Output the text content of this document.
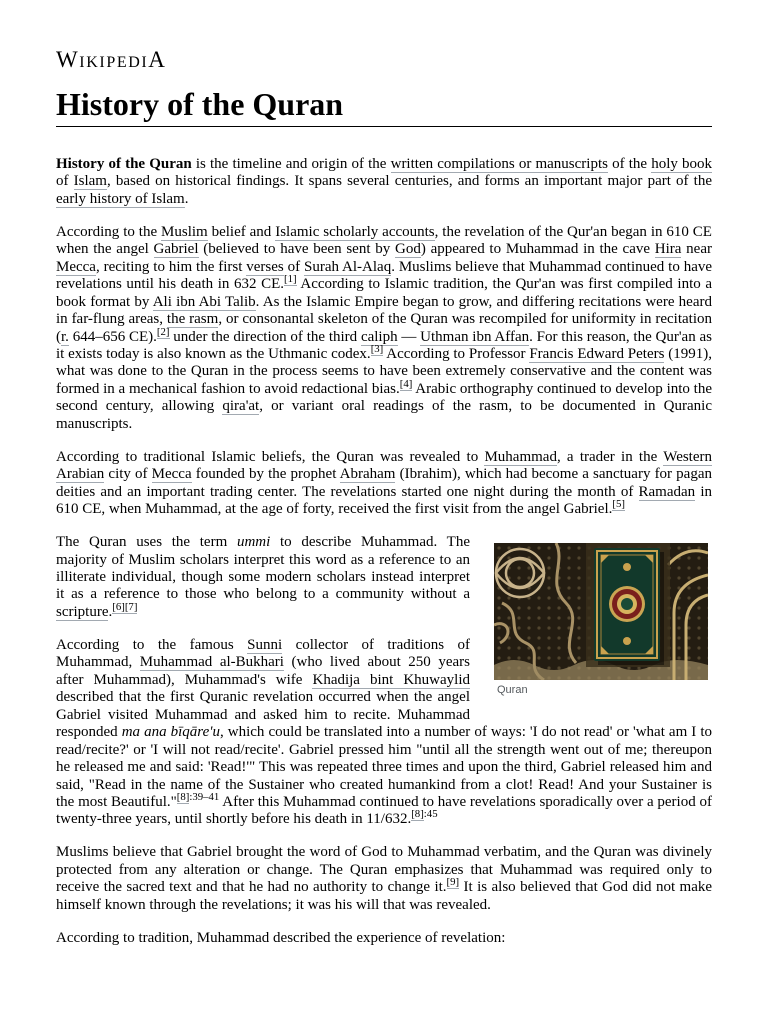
WikipediA
History of the Quran
History of the Quran is the timeline and origin of the written compilations or manuscripts of the holy book of Islam, based on historical findings. It spans several centuries, and forms an important major part of the early history of Islam.
According to the Muslim belief and Islamic scholarly accounts, the revelation of the Qur'an began in 610 CE when the angel Gabriel (believed to have been sent by God) appeared to Muhammad in the cave Hira near Mecca, reciting to him the first verses of Surah Al-Alaq. Muslims believe that Muhammad continued to have revelations until his death in 632 CE.[1] According to Islamic tradition, the Qur'an was first compiled into a book format by Ali ibn Abi Talib. As the Islamic Empire began to grow, and differing recitations were heard in far-flung areas, the rasm, or consonantal skeleton of the Quran was recompiled for uniformity in recitation (r. 644–656 CE).[2] under the direction of the third caliph — Uthman ibn Affan. For this reason, the Qur'an as it exists today is also known as the Uthmanic codex.[3] According to Professor Francis Edward Peters (1991), what was done to the Quran in the process seems to have been extremely conservative and the content was formed in a mechanical fashion to avoid redactional bias.[4] Arabic orthography continued to develop into the second century, allowing qira'at, or variant oral readings of the rasm, to be documented in Quranic manuscripts.
According to traditional Islamic beliefs, the Quran was revealed to Muhammad, a trader in the Western Arabian city of Mecca founded by the prophet Abraham (Ibrahim), which had become a sanctuary for pagan deities and an important trading center. The revelations started one night during the month of Ramadan in 610 CE, when Muhammad, at the age of forty, received the first visit from the angel Gabriel.[5]
Quran
The Quran uses the term ummi to describe Muhammad. The majority of Muslim scholars interpret this word as a reference to an illiterate individual, though some modern scholars instead interpret it as a reference to those who belong to a community without a scripture.[6][7]
According to the famous Sunni collector of traditions of Muhammad, Muhammad al-Bukhari (who lived about 250 years after Muhammad), Muhammad's wife Khadija bint Khuwaylid described that the first Quranic revelation occurred when the angel Gabriel visited Muhammad and asked him to recite. Muhammad responded ma ana bīqāre'u, which could be translated into a number of ways: 'I do not read' or 'what am I to read/recite?' or 'I will not read/recite'. Gabriel pressed him "until all the strength went out of me; thereupon he released me and said: 'Read!'" This was repeated three times and upon the third, Gabriel released him and said, "Read in the name of the Sustainer who created humankind from a clot! Read! And your Sustainer is the most Beautiful."$^{[8]:39-41}$ After this Muhammad continued to have revelations sporadically over a period of twenty-three years, until shortly before his death in 11/632.$^{[8]:45}$
Muslims believe that Gabriel brought the word of God to Muhammad verbatim, and the Quran was divinely protected from any alteration or change. The Quran emphasizes that Muhammad was required only to receive the sacred text and that he had no authority to change it.[9] It is also believed that God did not make himself known through the revelations; it was his will that was revealed.
According to tradition, Muhammad described the experience of revelation:
